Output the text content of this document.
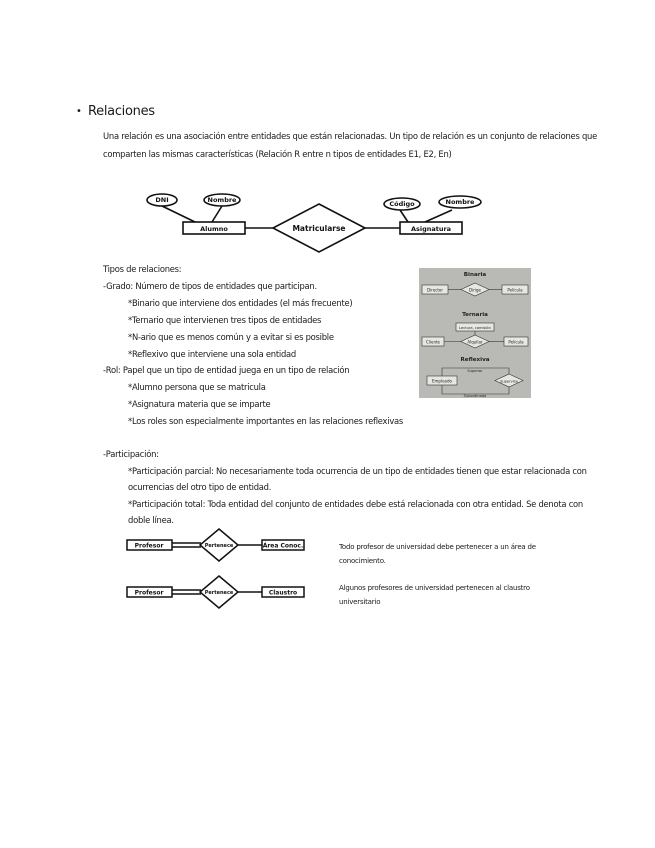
• Relaciones
Una relación es una asociación entre entidades que están relacionadas. Un tipo de relación es un conjunto de relaciones que
comparten las mismas características (Relación R entre n tipos de entidades E1, E2, En)
DNI	Nombre
Alumno	Matricularse
Código	Nombre
Asignatura
Tipos de relaciones:
-Grado: Número de tipos de entidades que participan.
*Binario que interviene dos entidades (el más frecuente)
*Ternario que intervienen tres tipos de entidades
*N-ario que es menos común y a evitar si es posible
*Reflexivo que interviene una sola entidad
-Rol: Papel que un tipo de entidad juega en un tipo de relación
*Alumno persona que se matricula
*Asignatura materia que se imparte
*Los roles son especialmente importantes en las relaciones reflexivas
Binaria
Director	Dirige	Película
Ternaria
Lectura, comisión
Cliente	Alquilar	Película
Reflexiva
Superior
Empleado	Supervisa
Subordinado
-Participación:
*Participación parcial: No necesariamente toda ocurrencia de un tipo de entidades tienen que estar relacionada con
ocurrencias del otro tipo de entidad.
*Participación total: Toda entidad del conjunto de entidades debe está relacionada con otra entidad. Se denota con
doble línea.
Profesor	Pertenece	Área Conoc.	Todo profesor de universidad debe pertenecer a un área de
conocimiento.
Profesor	Pertenece	Claustro
Algunos profesores de universidad pertenecen al claustro
universitario
